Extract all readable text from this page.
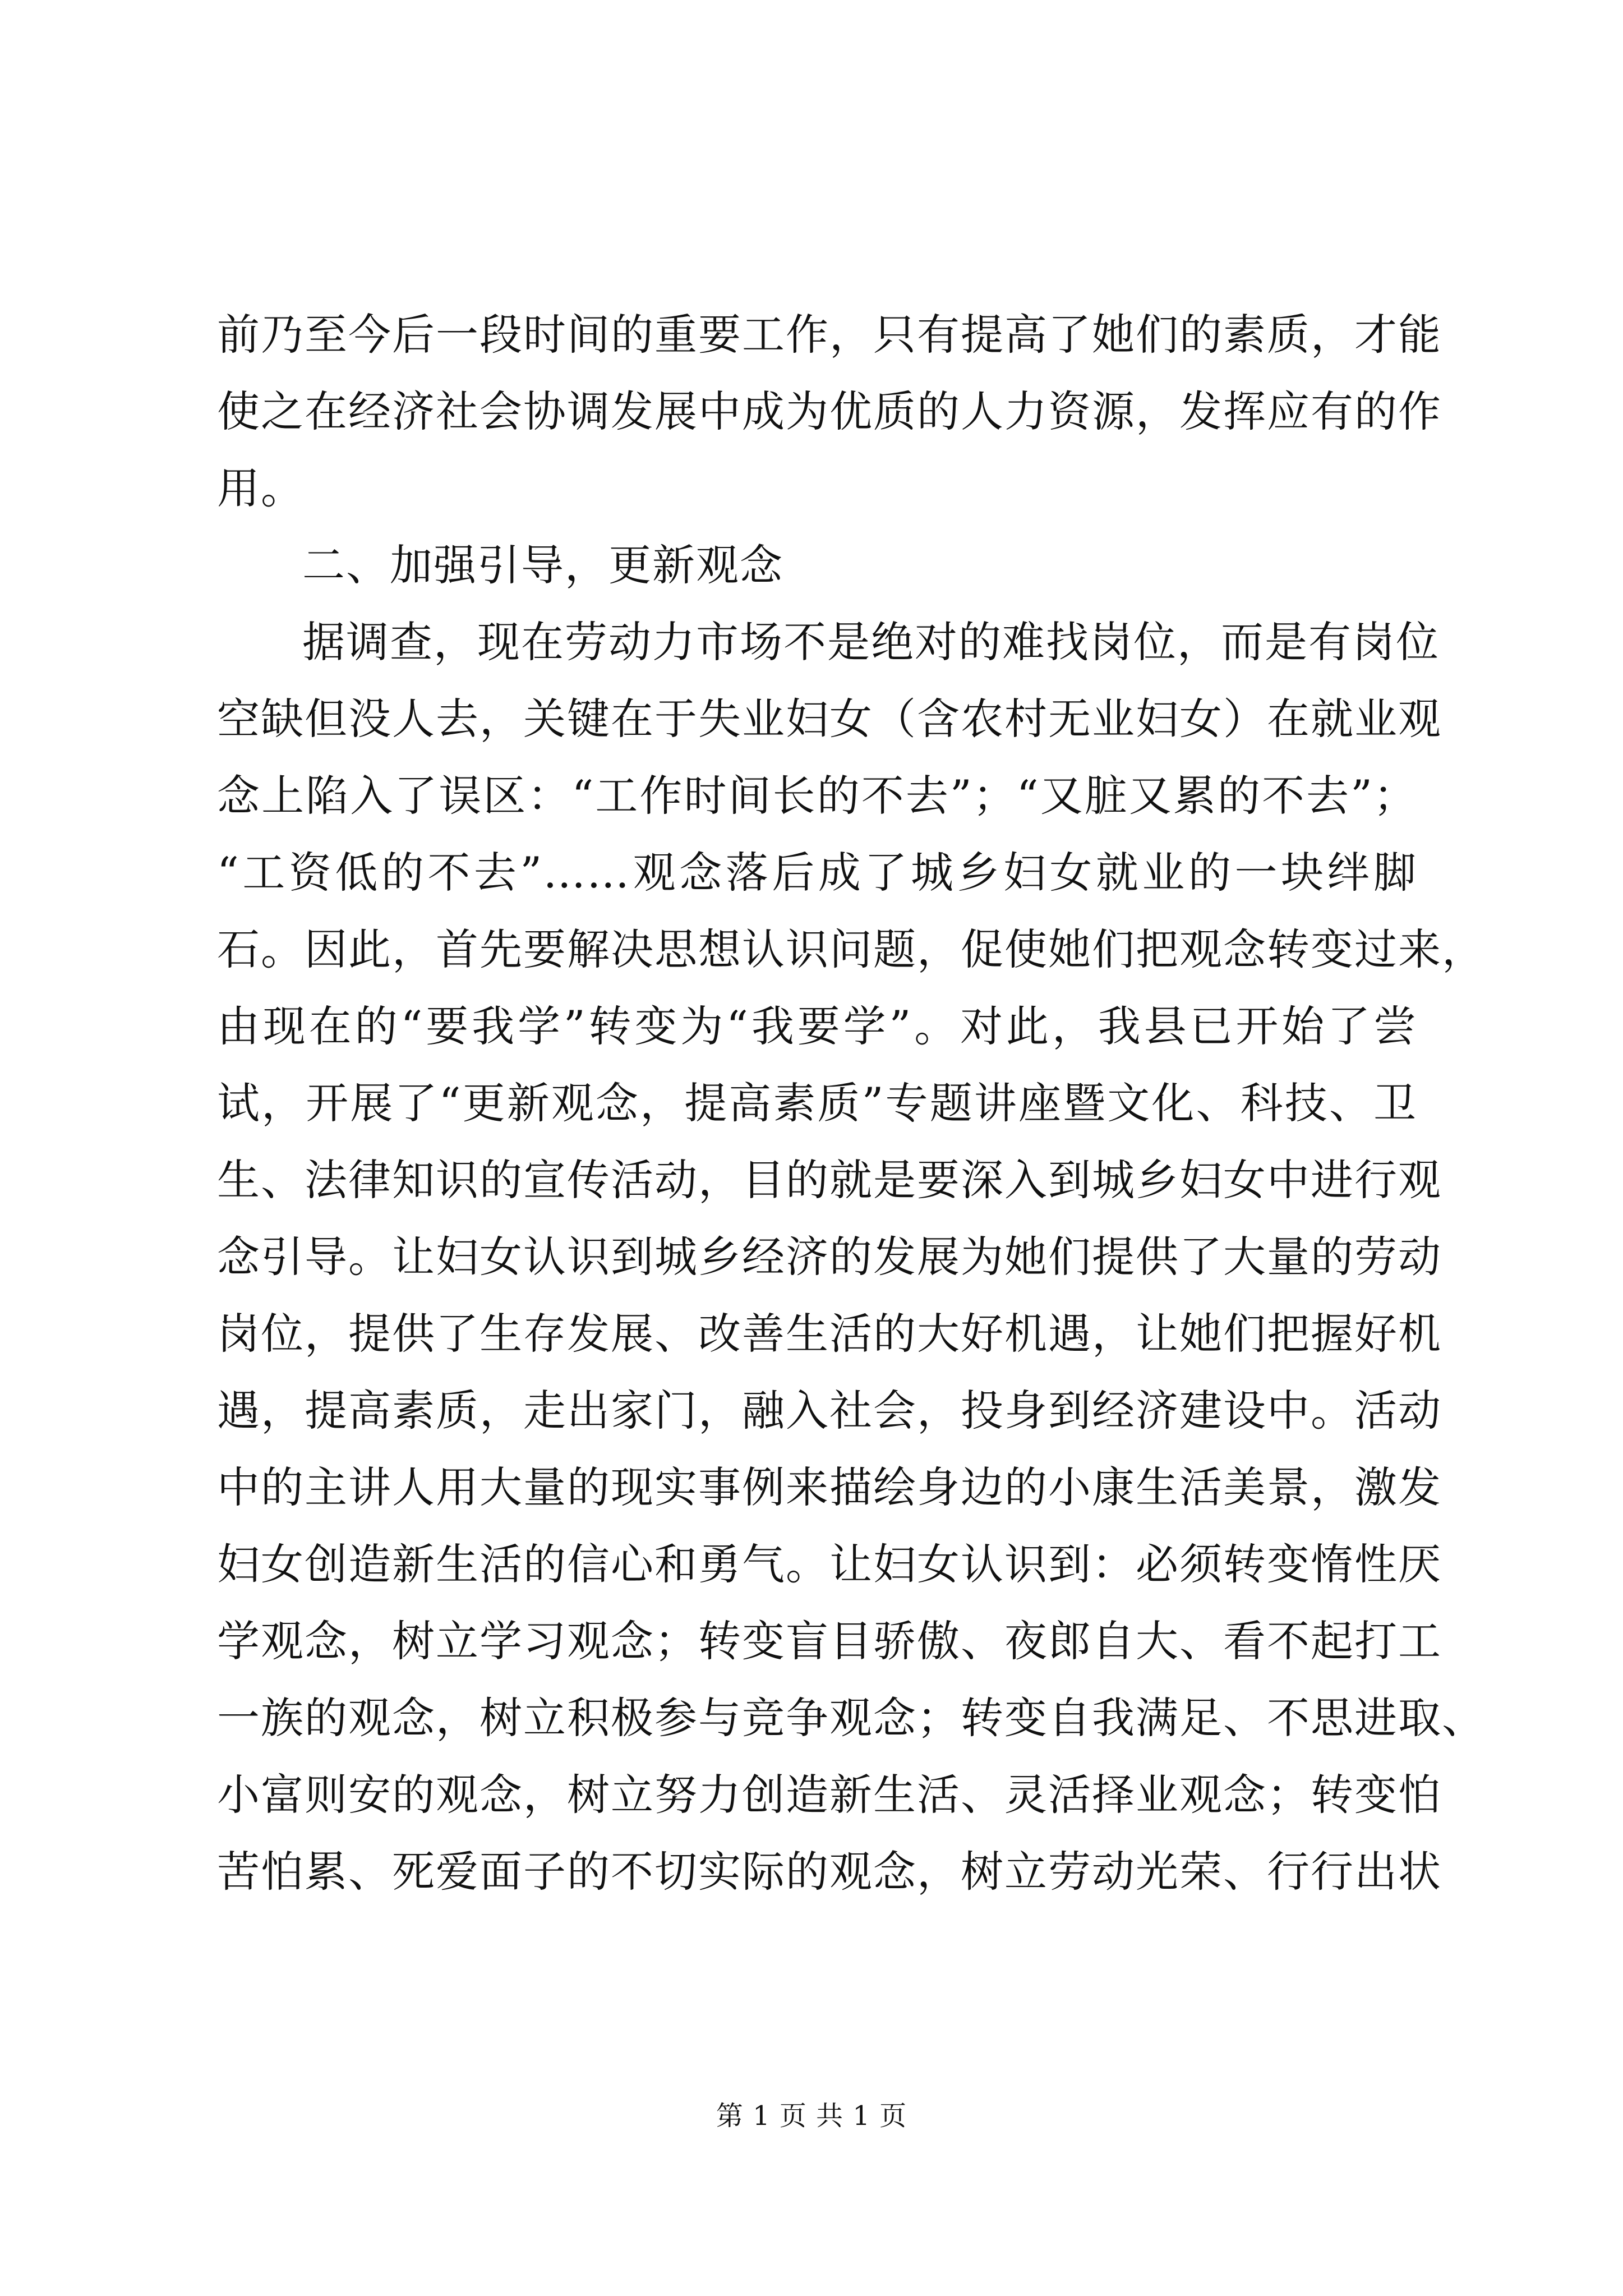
前乃至今后一段时间的重要工作，只有提高了她们的素质，才能
使之在经济社会协调发展中成为优质的人力资源，发挥应有的作
用。
二、加强引导，更新观念
据调查，现在劳动力市场不是绝对的难找岗位，而是有岗位
空缺但没人去，关键在于失业妇女（含农村无业妇女）在就业观
念上陷入了误区：“工作时间长的不去”；“又脏又累的不去”；
“工资低的不去”……观念落后成了城乡妇女就业的一块绊脚
石。因此，首先要解决思想认识问题，促使她们把观念转变过来，
由现在的“要我学”转变为“我要学”。对此，我县已开始了尝
试，开展了“更新观念，提高素质”专题讲座暨文化、科技、卫
生、法律知识的宣传活动，目的就是要深入到城乡妇女中进行观
念引导。让妇女认识到城乡经济的发展为她们提供了大量的劳动
岗位，提供了生存发展、改善生活的大好机遇，让她们把握好机
遇，提高素质，走出家门，融入社会，投身到经济建设中。活动
中的主讲人用大量的现实事例来描绘身边的小康生活美景，激发
妇女创造新生活的信心和勇气。让妇女认识到：必须转变惰性厌
学观念，树立学习观念；转变盲目骄傲、夜郎自大、看不起打工
一族的观念，树立积极参与竞争观念；转变自我满足、不思进取、
小富则安的观念，树立努力创造新生活、灵活择业观念；转变怕
苦怕累、死爱面子的不切实际的观念，树立劳动光荣、行行出状
第 1 页 共 1 页
